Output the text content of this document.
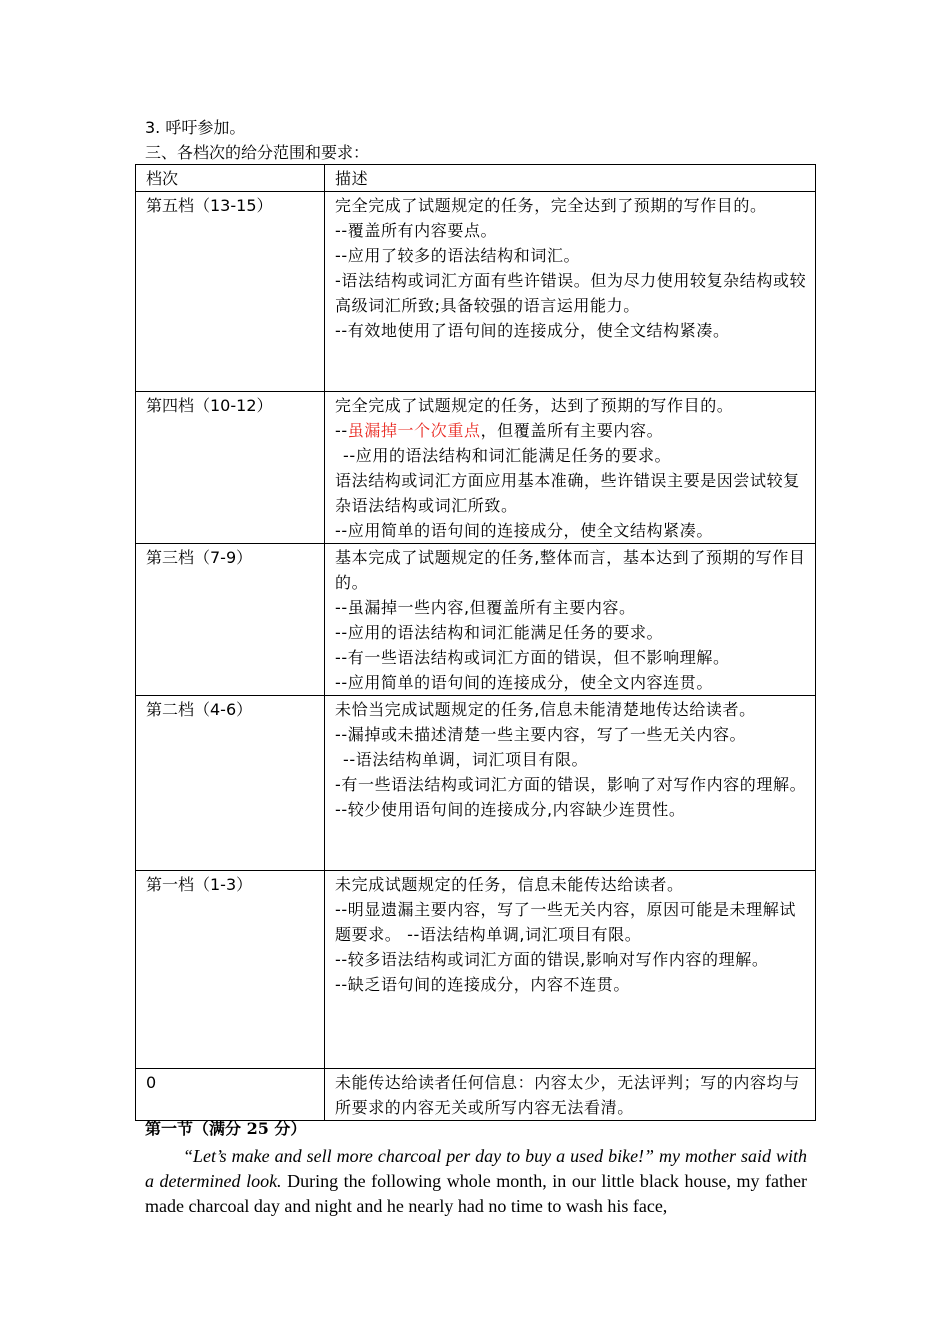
3. 呼吁参加。
三、各档次的给分范围和要求：
档次	描述
第五档（13-15）	完全完成了试题规定的任务，完全达到了预期的写作目的。
--覆盖所有内容要点。
--应用了较多的语法结构和词汇。
-语法结构或词汇方面有些许错误。但为尽力使用较复杂结构或较高级词汇所致;具备较强的语言运用能力。
--有效地使用了语句间的连接成分，使全文结构紧凑。

第四档（10-12）	完全完成了试题规定的任务，达到了预期的写作目的。
--虽漏掉一个次重点，但覆盖所有主要内容。
--应用的语法结构和词汇能满足任务的要求。
语法结构或词汇方面应用基本准确，些许错误主要是因尝试较复杂语法结构或词汇所致。
--应用简单的语句间的连接成分，使全文结构紧凑。

第三档（7-9）	基本完成了试题规定的任务,整体而言，基本达到了预期的写作目的。
--虽漏掉一些内容,但覆盖所有主要内容。
--应用的语法结构和词汇能满足任务的要求。
--有一些语法结构或词汇方面的错误，但不影响理解。
--应用简单的语句间的连接成分，使全文内容连贯。

第二档（4-6）	未恰当完成试题规定的任务,信息未能清楚地传达给读者。
--漏掉或未描述清楚一些主要内容，写了一些无关内容。
--语法结构单调，词汇项目有限。
-有一些语法结构或词汇方面的错误，影响了对写作内容的理解。
--较少使用语句间的连接成分,内容缺少连贯性。

第一档（1-3）	未完成试题规定的任务，信息未能传达给读者。
--明显遗漏主要内容，写了一些无关内容，原因可能是未理解试题要求。 --语法结构单调,词汇项目有限。
--较多语法结构或词汇方面的错误,影响对写作内容的理解。
--缺乏语句间的连接成分，内容不连贯。

0	未能传达给读者任何信息：内容太少，无法评判；写的内容均与所要求的内容无关或所写内容无法看清。
第一节（满分 25 分）
“Let’s make and sell more charcoal per day to buy a used bike!” my mother said with a determined look. During the following whole month, in our little black house, my father made charcoal day and night and he nearly had no time to wash his face,
